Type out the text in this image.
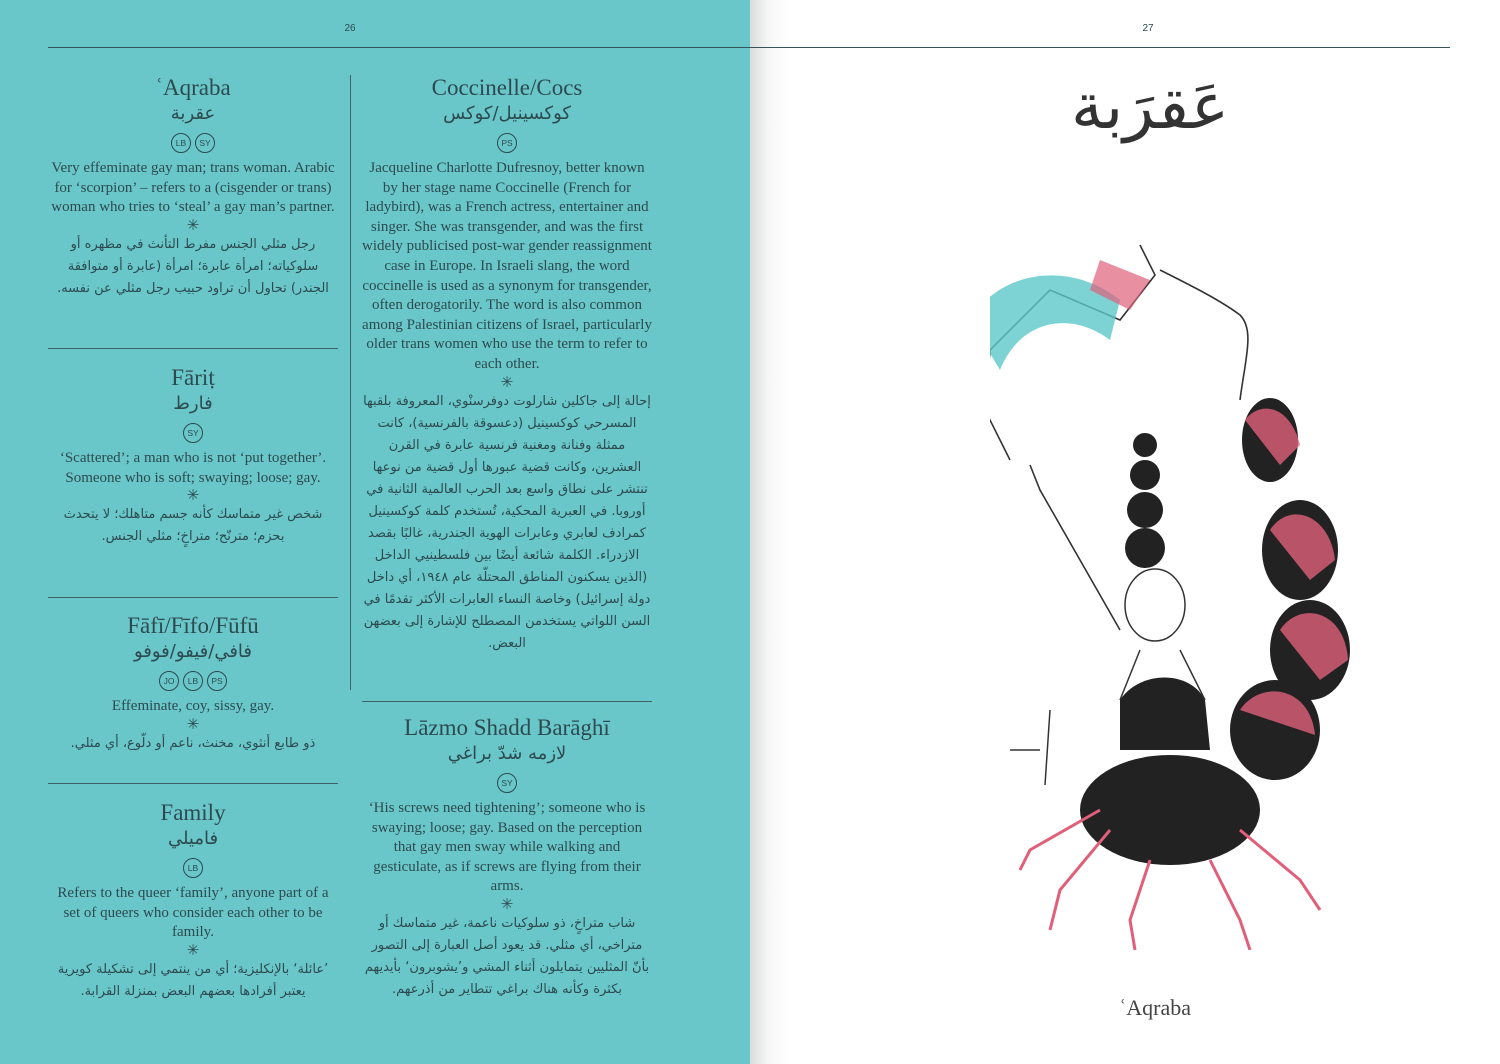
26	27
ʿAqraba
عقربة
LB	SY

Very effeminate gay man; trans woman. Arabic for ‘scorpion’ – refers to a (cisgender or trans) woman who tries to ‘steal’ a gay man’s partner.

✳

رجل مثلي الجنس مفرط التأنث في مظهره أو سلوكياته؛ امرأة عابرة؛ امرأة (عابرة أو متوافقة الجندر) تحاول أن تراود حبيب رجل مثلي عن نفسه.

Fāriṭ
فارط
SY

‘Scattered’; a man who is not ‘put together’. Someone who is soft; swaying; loose; gay.

✳

شخص غير متماسك كأنه جسم متاهلك؛ لا يتحدث بحزم؛ مترنّح؛ متراخٍ؛ مثلي الجنس.

Fāfī/Fīfo/Fūfū
فافي/فيفو/فوفو
JO	LB	PS

Effeminate, coy, sissy, gay.

✳

ذو طابع أنثوي، مخنث، ناعم أو دلّوع، أي مثلي.

Family
فاميلي
LB

Refers to the queer ‘family’, anyone part of a set of queers who consider each other to be family.

✳

’عائلة‘ بالإنكليزية؛ أي من ينتمي إلى تشكيلة كويرية يعتبر أفرادها بعضهم البعض بمنزلة القرابة.

Coccinelle/Cocs
كوكسينيل/كوكس
PS

Jacqueline Charlotte Dufresnoy, better known by her stage name Coccinelle (French for ladybird), was a French actress, entertainer and singer. She was transgender, and was the first widely publicised post-war gender reassignment case in Europe. In Israeli slang, the word coccinelle is used as a synonym for transgender, often derogatorily. The word is also common among Palestinian citizens of Israel, particularly older trans women who use the term to refer to each other.

✳

إحالة إلى جاكلين شارلوت دوفرسنْوي، المعروفة بلقبها المسرحي كوكسينيل (دعسوقة بالفرنسية)، كانت ممثلة وفنانة ومغنية فرنسية عابرة في القرن العشرين، وكانت قضية عبورها أول قضية من نوعها تنتشر على نطاق واسع بعد الحرب العالمية الثانية في أوروبا. في العبرية المحكية، تُستخدم كلمة كوكسينيل كمرادف لعابري وعابرات الهوية الجندرية، غالبًا بقصد الازدراء. الكلمة شائعة أيضًا بين فلسطينيي الداخل (الذين يسكنون المناطق المحتلّة عام ١٩٤٨، أي داخل دولة إسرائيل) وخاصة النساء العابرات الأكثر تقدمًا في السن اللواتي يستخدمن المصطلح للإشارة إلى بعضهن البعض.

Lāzmo Shadd Barāghī
لازمه شدّ براغي
SY

‘His screws need tightening’; someone who is swaying; loose; gay. Based on the perception that gay men sway while walking and gesticulate, as if screws are flying from their arms.

✳

شاب متراخٍ، ذو سلوكيات ناعمة، غير متماسك أو متراخي، أي مثلي. قد يعود أصل العبارة إلى التصور بأنّ المثليين يتمايلون أثناء المشي و’يشوبرون‘ بأيديهم بكثرة وكأنه هناك براغي تتطاير من أذرعهم.

عَقرَبة
ʿAqraba
